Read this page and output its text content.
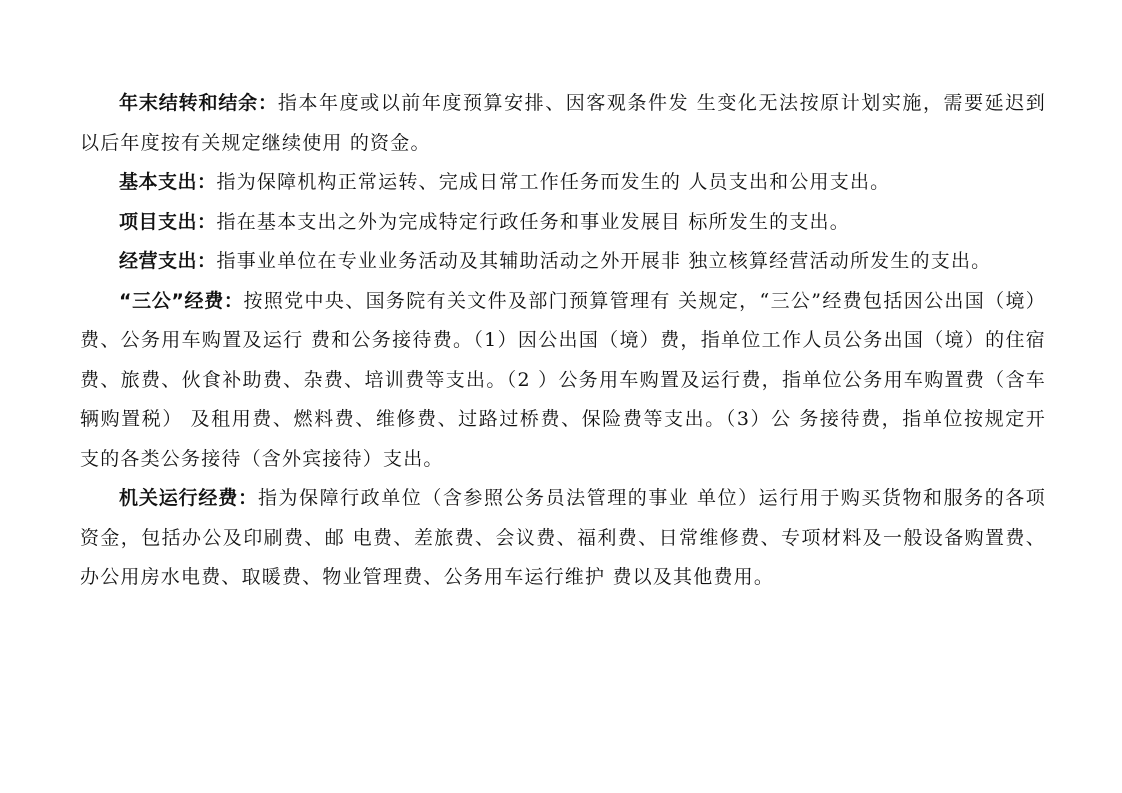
年末结转和结余：指本年度或以前年度预算安排、因客观条件发 生变化无法按原计划实施，需要延迟到以后年度按有关规定继续使用 的资金。

基本支出：指为保障机构正常运转、完成日常工作任务而发生的 人员支出和公用支出。

项目支出：指在基本支出之外为完成特定行政任务和事业发展目 标所发生的支出。

经营支出：指事业单位在专业业务活动及其辅助活动之外开展非 独立核算经营活动所发生的支出。

“三公”经费：按照党中央、国务院有关文件及部门预算管理有 关规定，“三公”经费包括因公出国（境）费、公务用车购置及运行 费和公务接待费。（1）因公出国（境）费，指单位工作人员公务出国（境）的住宿费、旅费、伙食补助费、杂费、培训费等支出。（2 ）公务用车购置及运行费，指单位公务用车购置费（含车辆购置税） 及租用费、燃料费、维修费、过路过桥费、保险费等支出。（3）公 务接待费，指单位按规定开支的各类公务接待（含外宾接待）支出。

机关运行经费：指为保障行政单位（含参照公务员法管理的事业 单位）运行用于购买货物和服务的各项资金，包括办公及印刷费、邮 电费、差旅费、会议费、福利费、日常维修费、专项材料及一般设备购置费、办公用房水电费、取暖费、物业管理费、公务用车运行维护 费以及其他费用。
